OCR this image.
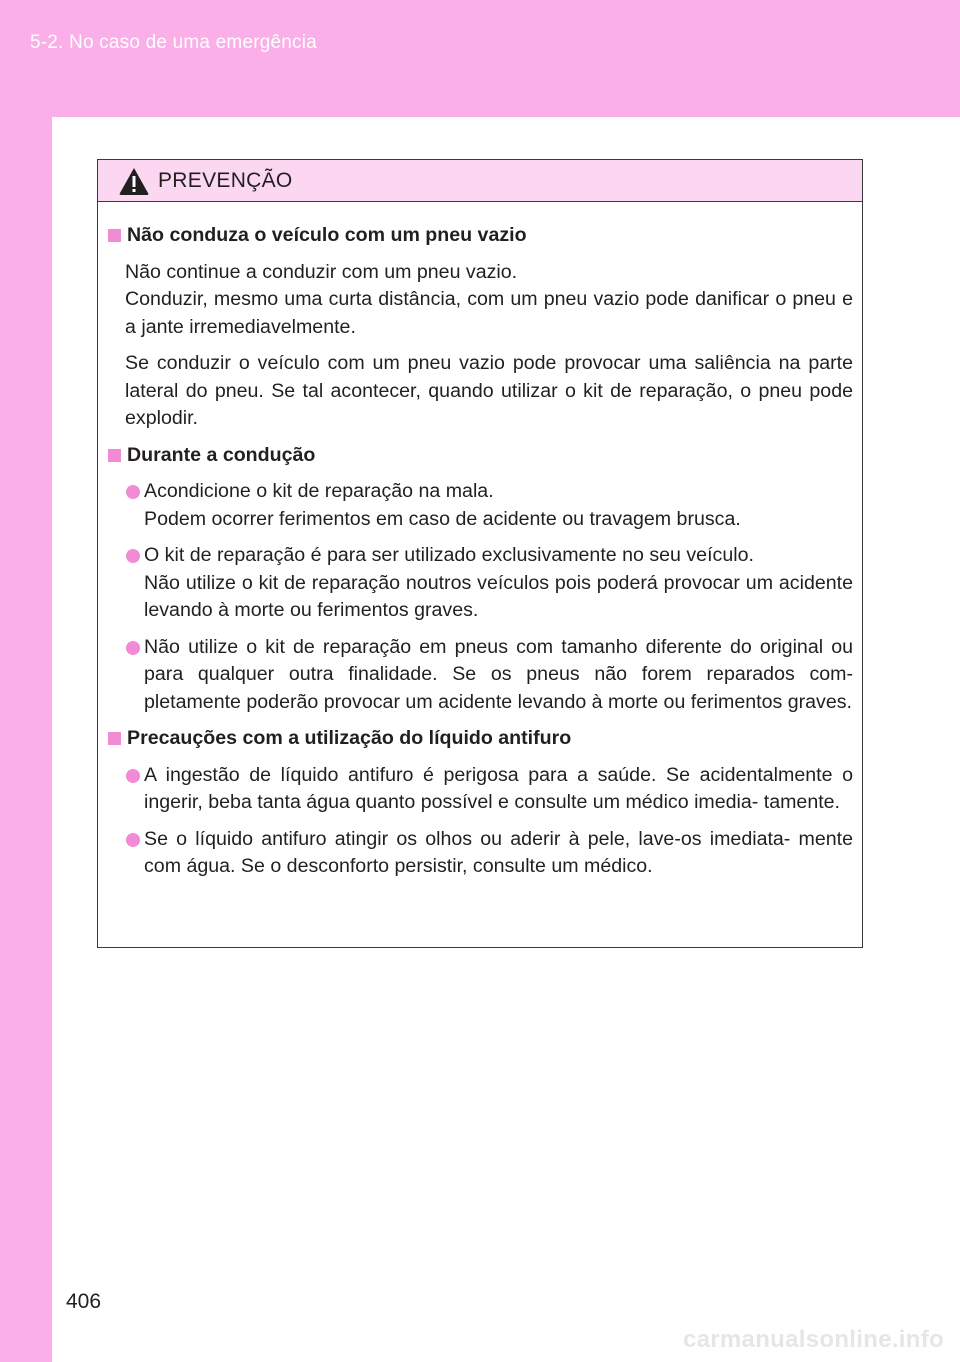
5-2. No caso de uma emergência
PREVENÇÃO
Não conduza o veículo com um pneu vazio
Não continue a conduzir com um pneu vazio.
Conduzir, mesmo uma curta distância, com um pneu vazio pode danificar o pneu e a jante irremediavelmente.
Se conduzir o veículo com um pneu vazio pode provocar uma saliência na parte lateral do pneu. Se tal acontecer, quando utilizar o kit de reparação, o pneu pode explodir.
Durante a condução
Acondicione o kit de reparação na mala.
Podem ocorrer ferimentos em caso de acidente ou travagem brusca.
O kit de reparação é para ser utilizado exclusivamente no seu veículo.
Não utilize o kit de reparação noutros veículos pois poderá provocar um acidente levando à morte ou ferimentos graves.
Não utilize o kit de reparação em pneus com tamanho diferente do original ou para qualquer outra finalidade. Se os pneus não forem reparados com- pletamente poderão provocar um acidente levando à morte ou ferimentos graves.
Precauções com a utilização do líquido antifuro
A ingestão de líquido antifuro é perigosa para a saúde. Se acidentalmente o ingerir, beba tanta água quanto possível e consulte um médico imedia- tamente.
Se o líquido antifuro atingir os olhos ou aderir à pele, lave-os imediata- mente com água. Se o desconforto persistir, consulte um médico.
406
carmanualsonline.info
